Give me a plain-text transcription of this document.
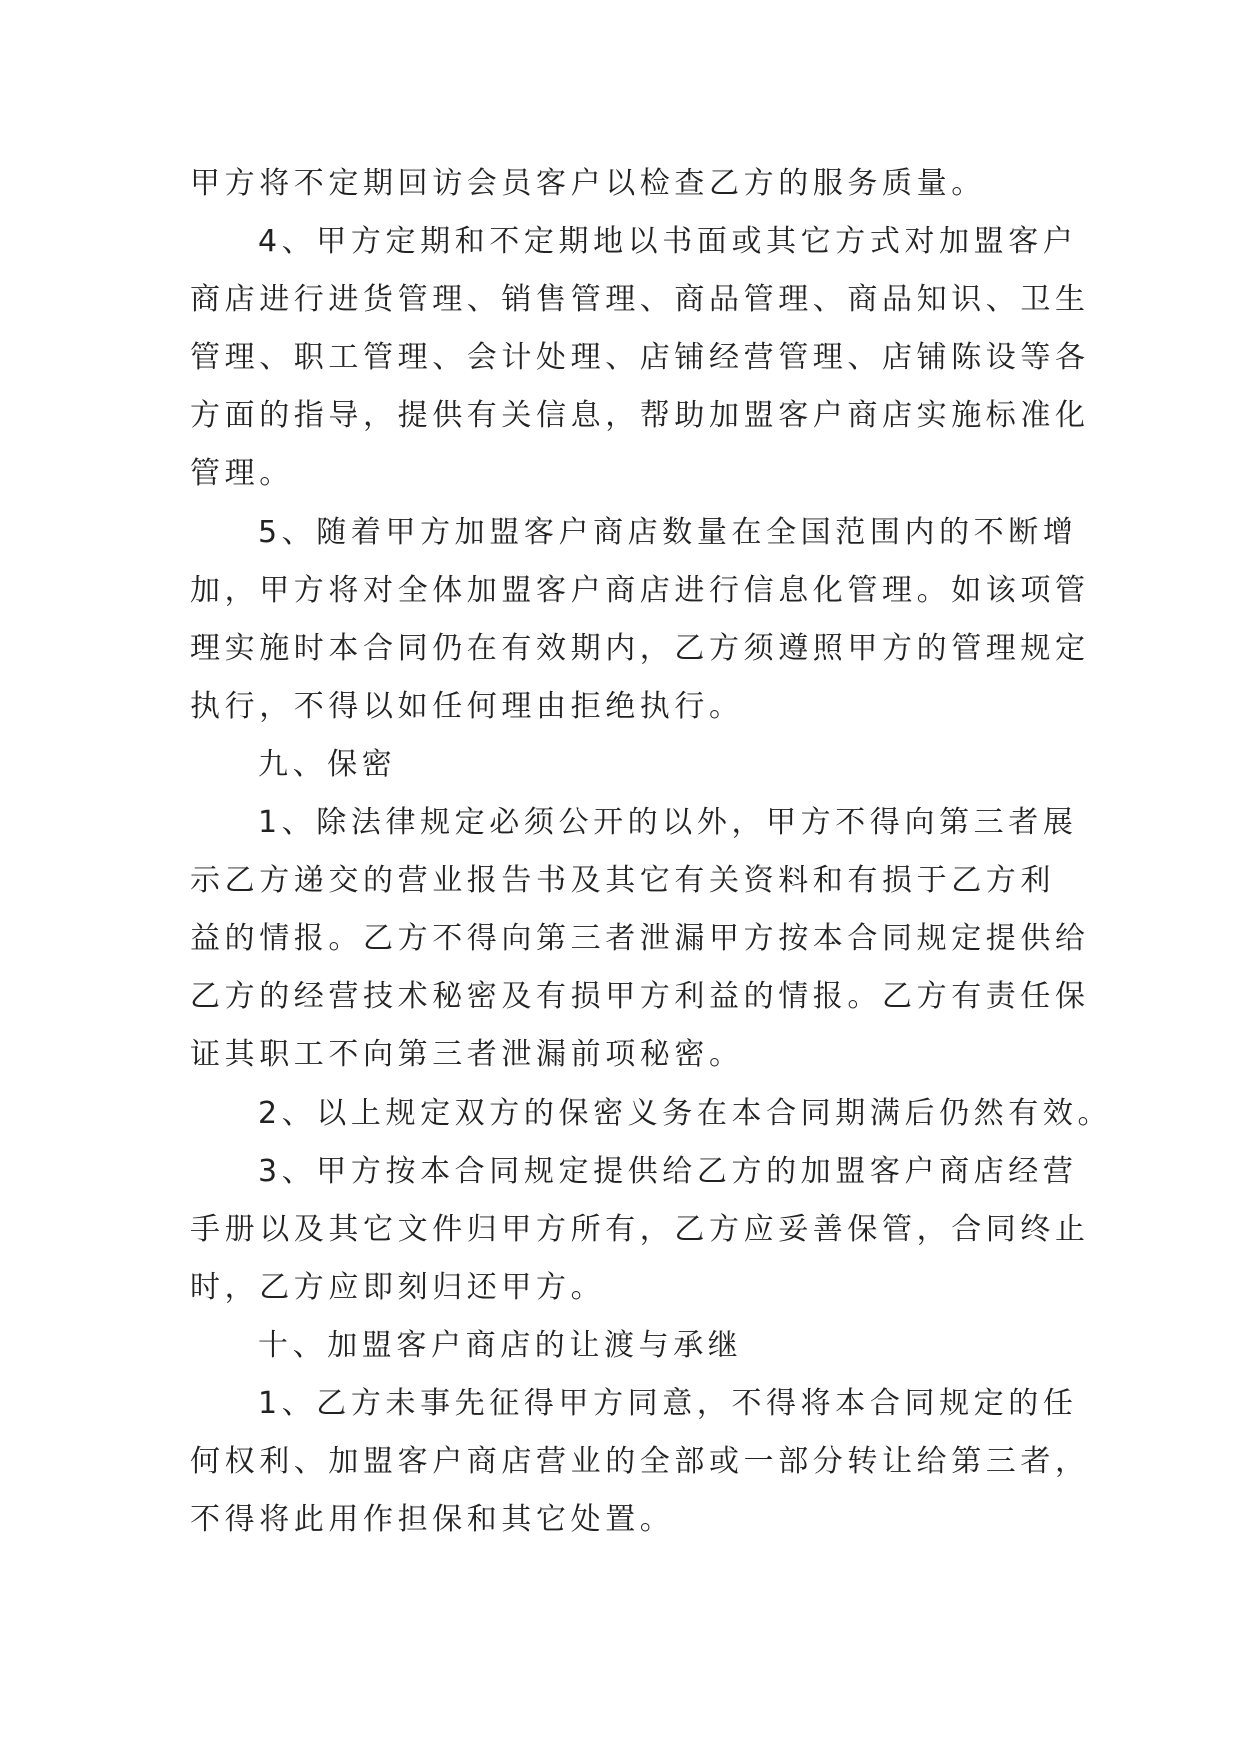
甲方将不定期回访会员客户以检查乙方的服务质量。
4、甲方定期和不定期地以书面或其它方式对加盟客户
商店进行进货管理、销售管理、商品管理、商品知识、卫生
管理、职工管理、会计处理、店铺经营管理、店铺陈设等各
方面的指导，提供有关信息，帮助加盟客户商店实施标准化
管理。
5、随着甲方加盟客户商店数量在全国范围内的不断增
加，甲方将对全体加盟客户商店进行信息化管理。如该项管
理实施时本合同仍在有效期内，乙方须遵照甲方的管理规定
执行，不得以如任何理由拒绝执行。
九、保密
1、除法律规定必须公开的以外，甲方不得向第三者展
示乙方递交的营业报告书及其它有关资料和有损于乙方利
益的情报。乙方不得向第三者泄漏甲方按本合同规定提供给
乙方的经营技术秘密及有损甲方利益的情报。乙方有责任保
证其职工不向第三者泄漏前项秘密。
2、以上规定双方的保密义务在本合同期满后仍然有效。
3、甲方按本合同规定提供给乙方的加盟客户商店经营
手册以及其它文件归甲方所有，乙方应妥善保管，合同终止
时，乙方应即刻归还甲方。
十、加盟客户商店的让渡与承继
1、乙方未事先征得甲方同意，不得将本合同规定的任
何权利、加盟客户商店营业的全部或一部分转让给第三者，
不得将此用作担保和其它处置。
